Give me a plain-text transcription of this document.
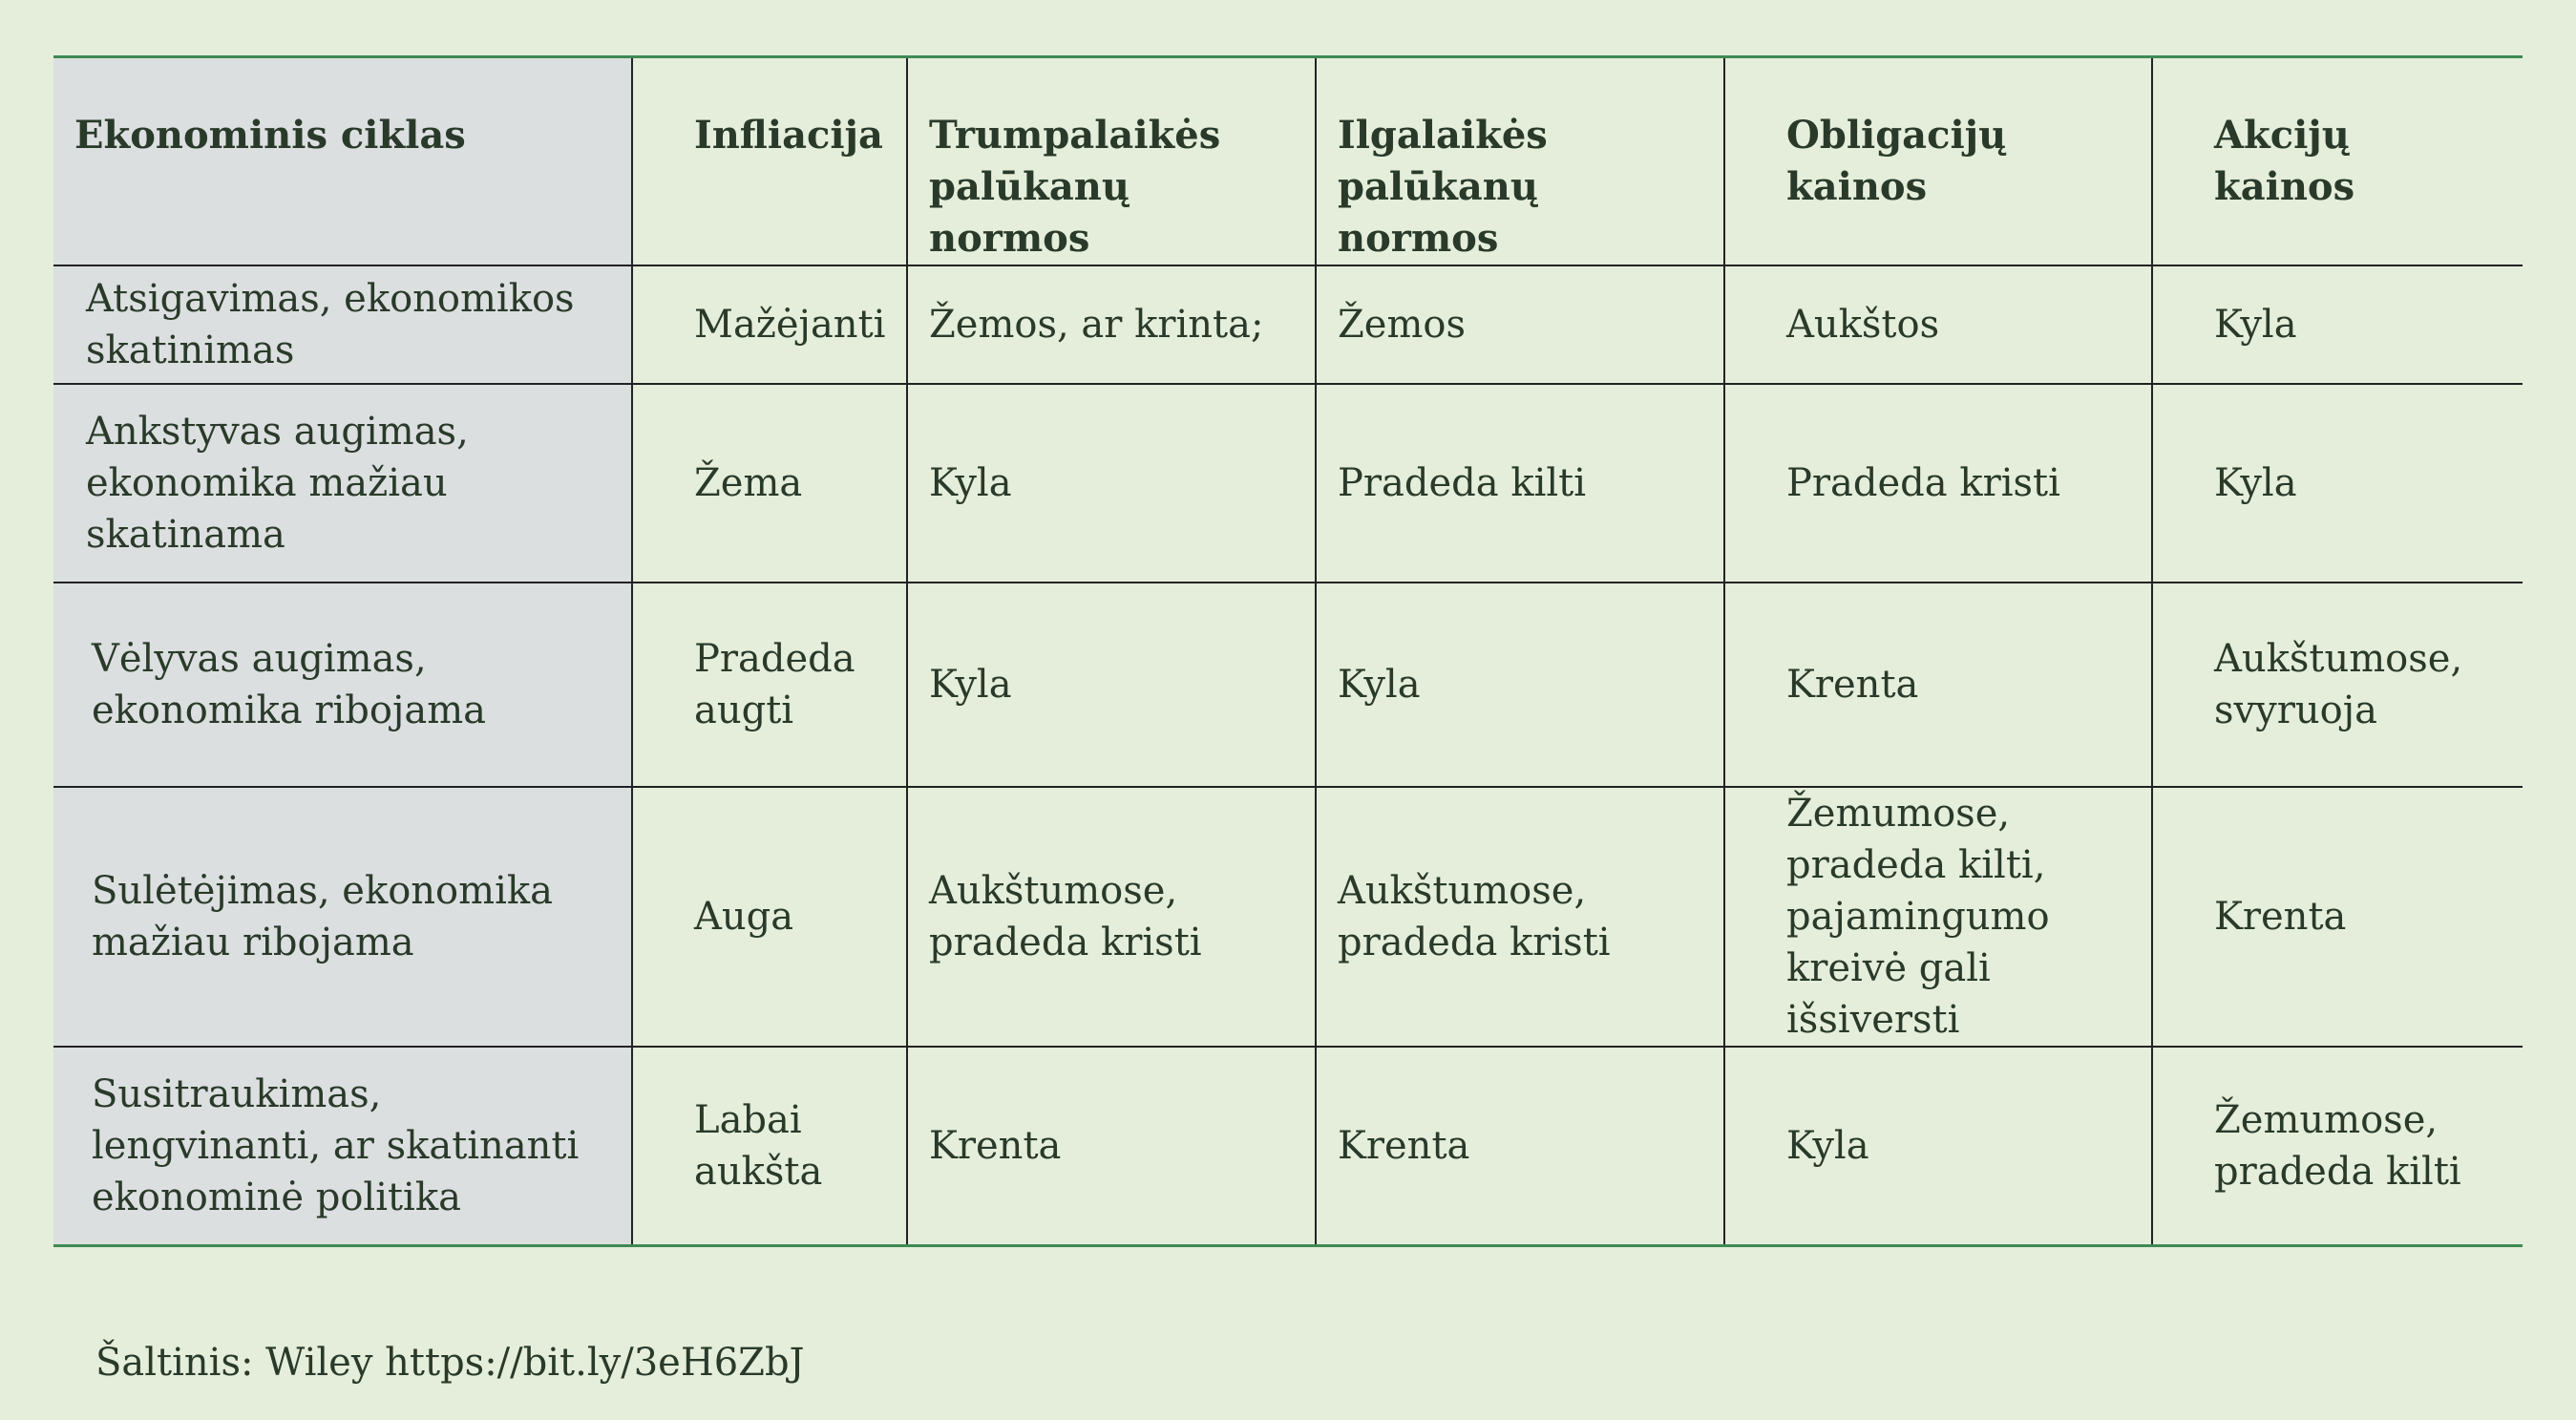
Ekonominis ciklas	Infliacija	Trumpalaikės palūkanų normos	Ilgalaikės palūkanų normos	Obligacijų kainos	Akcijų kainos
Atsigavimas, ekonomikos skatinimas	Mažėjanti	Žemos, ar krinta;	Žemos	Aukštos	Kyla
Ankstyvas augimas, ekonomika mažiau skatinama	Žema	Kyla	Pradeda kilti	Pradeda kristi	Kyla
Vėlyvas augimas, ekonomika ribojama	Pradeda augti	Kyla	Kyla	Krenta	Aukštumose, svyruoja
Sulėtėjimas, ekonomika mažiau ribojama	Auga	Aukštumose, pradeda kristi	Aukštumose, pradeda kristi	Žemumose, pradeda kilti, pajamingumo kreivė gali išsiversti	Krenta
Susitraukimas, lengvinanti, ar skatinanti ekonominė politika	Labai aukšta	Krenta	Krenta	Kyla	Žemumose, pradeda kilti
Šaltinis: Wiley https://bit.ly/3eH6ZbJ
